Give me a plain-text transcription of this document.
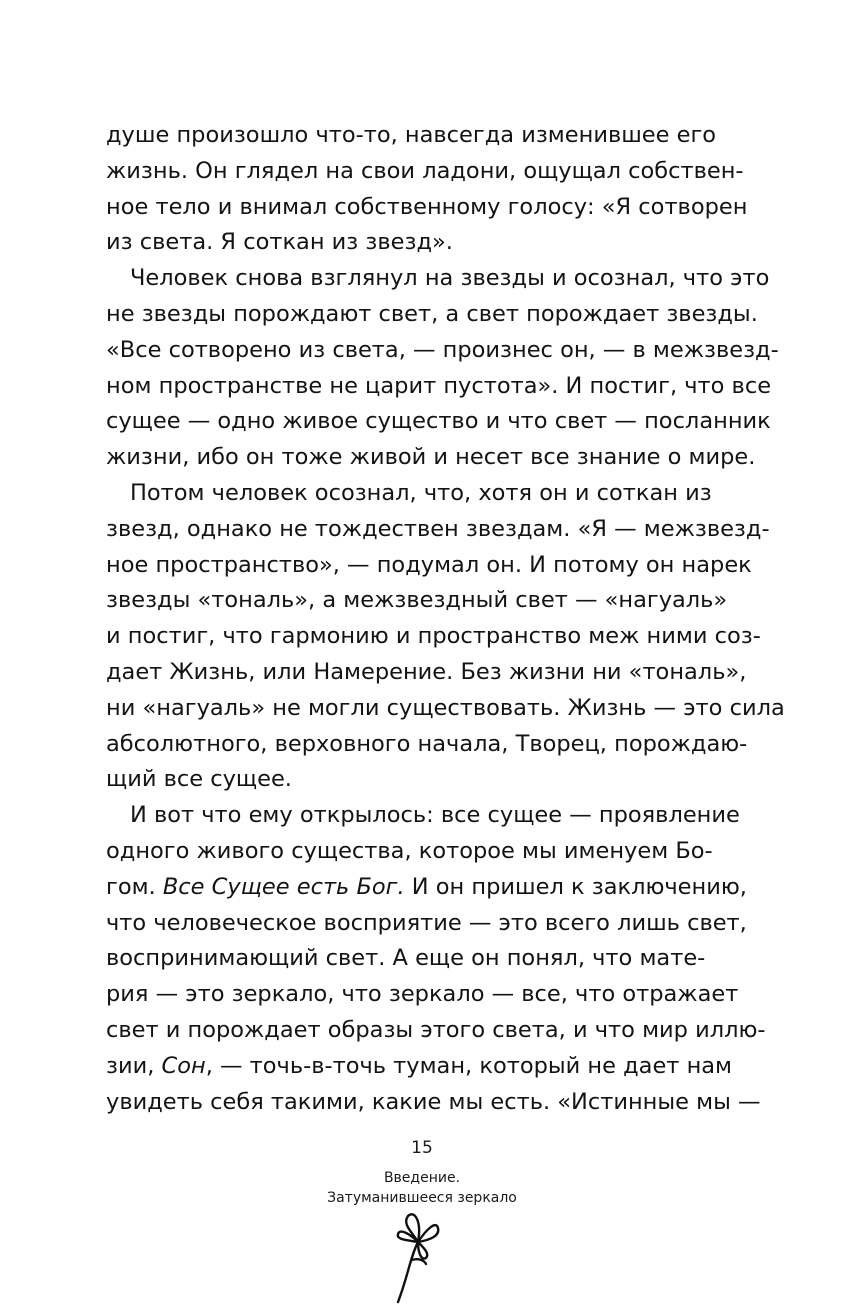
душе произошло что-то, навсегда изменившее его
жизнь. Он глядел на свои ладони, ощущал собствен-
ное тело и внимал собственному голосу: «Я сотворен
из света. Я соткан из звезд».
Человек снова взглянул на звезды и осознал, что это
не звезды порождают свет, а свет порождает звезды.
«Все сотворено из света, — произнес он, — в межзвезд-
ном пространстве не царит пустота». И постиг, что все
сущее — одно живое существо и что свет — посланник
жизни, ибо он тоже живой и несет все знание о мире.
Потом человек осознал, что, хотя он и соткан из
звезд, однако не тождествен звездам. «Я — межзвезд-
ное пространство», — подумал он. И потому он нарек
звезды «тональ», а межзвездный свет — «нагуаль»
и постиг, что гармонию и пространство меж ними соз-
дает Жизнь, или Намерение. Без жизни ни «тональ»,
ни «нагуаль» не могли существовать. Жизнь — это сила
абсолютного, верховного начала, Творец, порождаю-
щий все сущее.
И вот что ему открылось: все сущее — проявление
одного живого существа, которое мы именуем Бо-
гом. Все Сущее есть Бог. И он пришел к заключению,
что человеческое восприятие — это всего лишь свет,
воспринимающий свет. А еще он понял, что мате-
рия — это зеркало, что зеркало — все, что отражает
свет и порождает образы этого света, и что мир иллю-
зии, Сон, — точь-в-точь туман, который не дает нам
увидеть себя такими, какие мы есть. «Истинные мы —
15
Введение.
Затуманившееся зеркало
